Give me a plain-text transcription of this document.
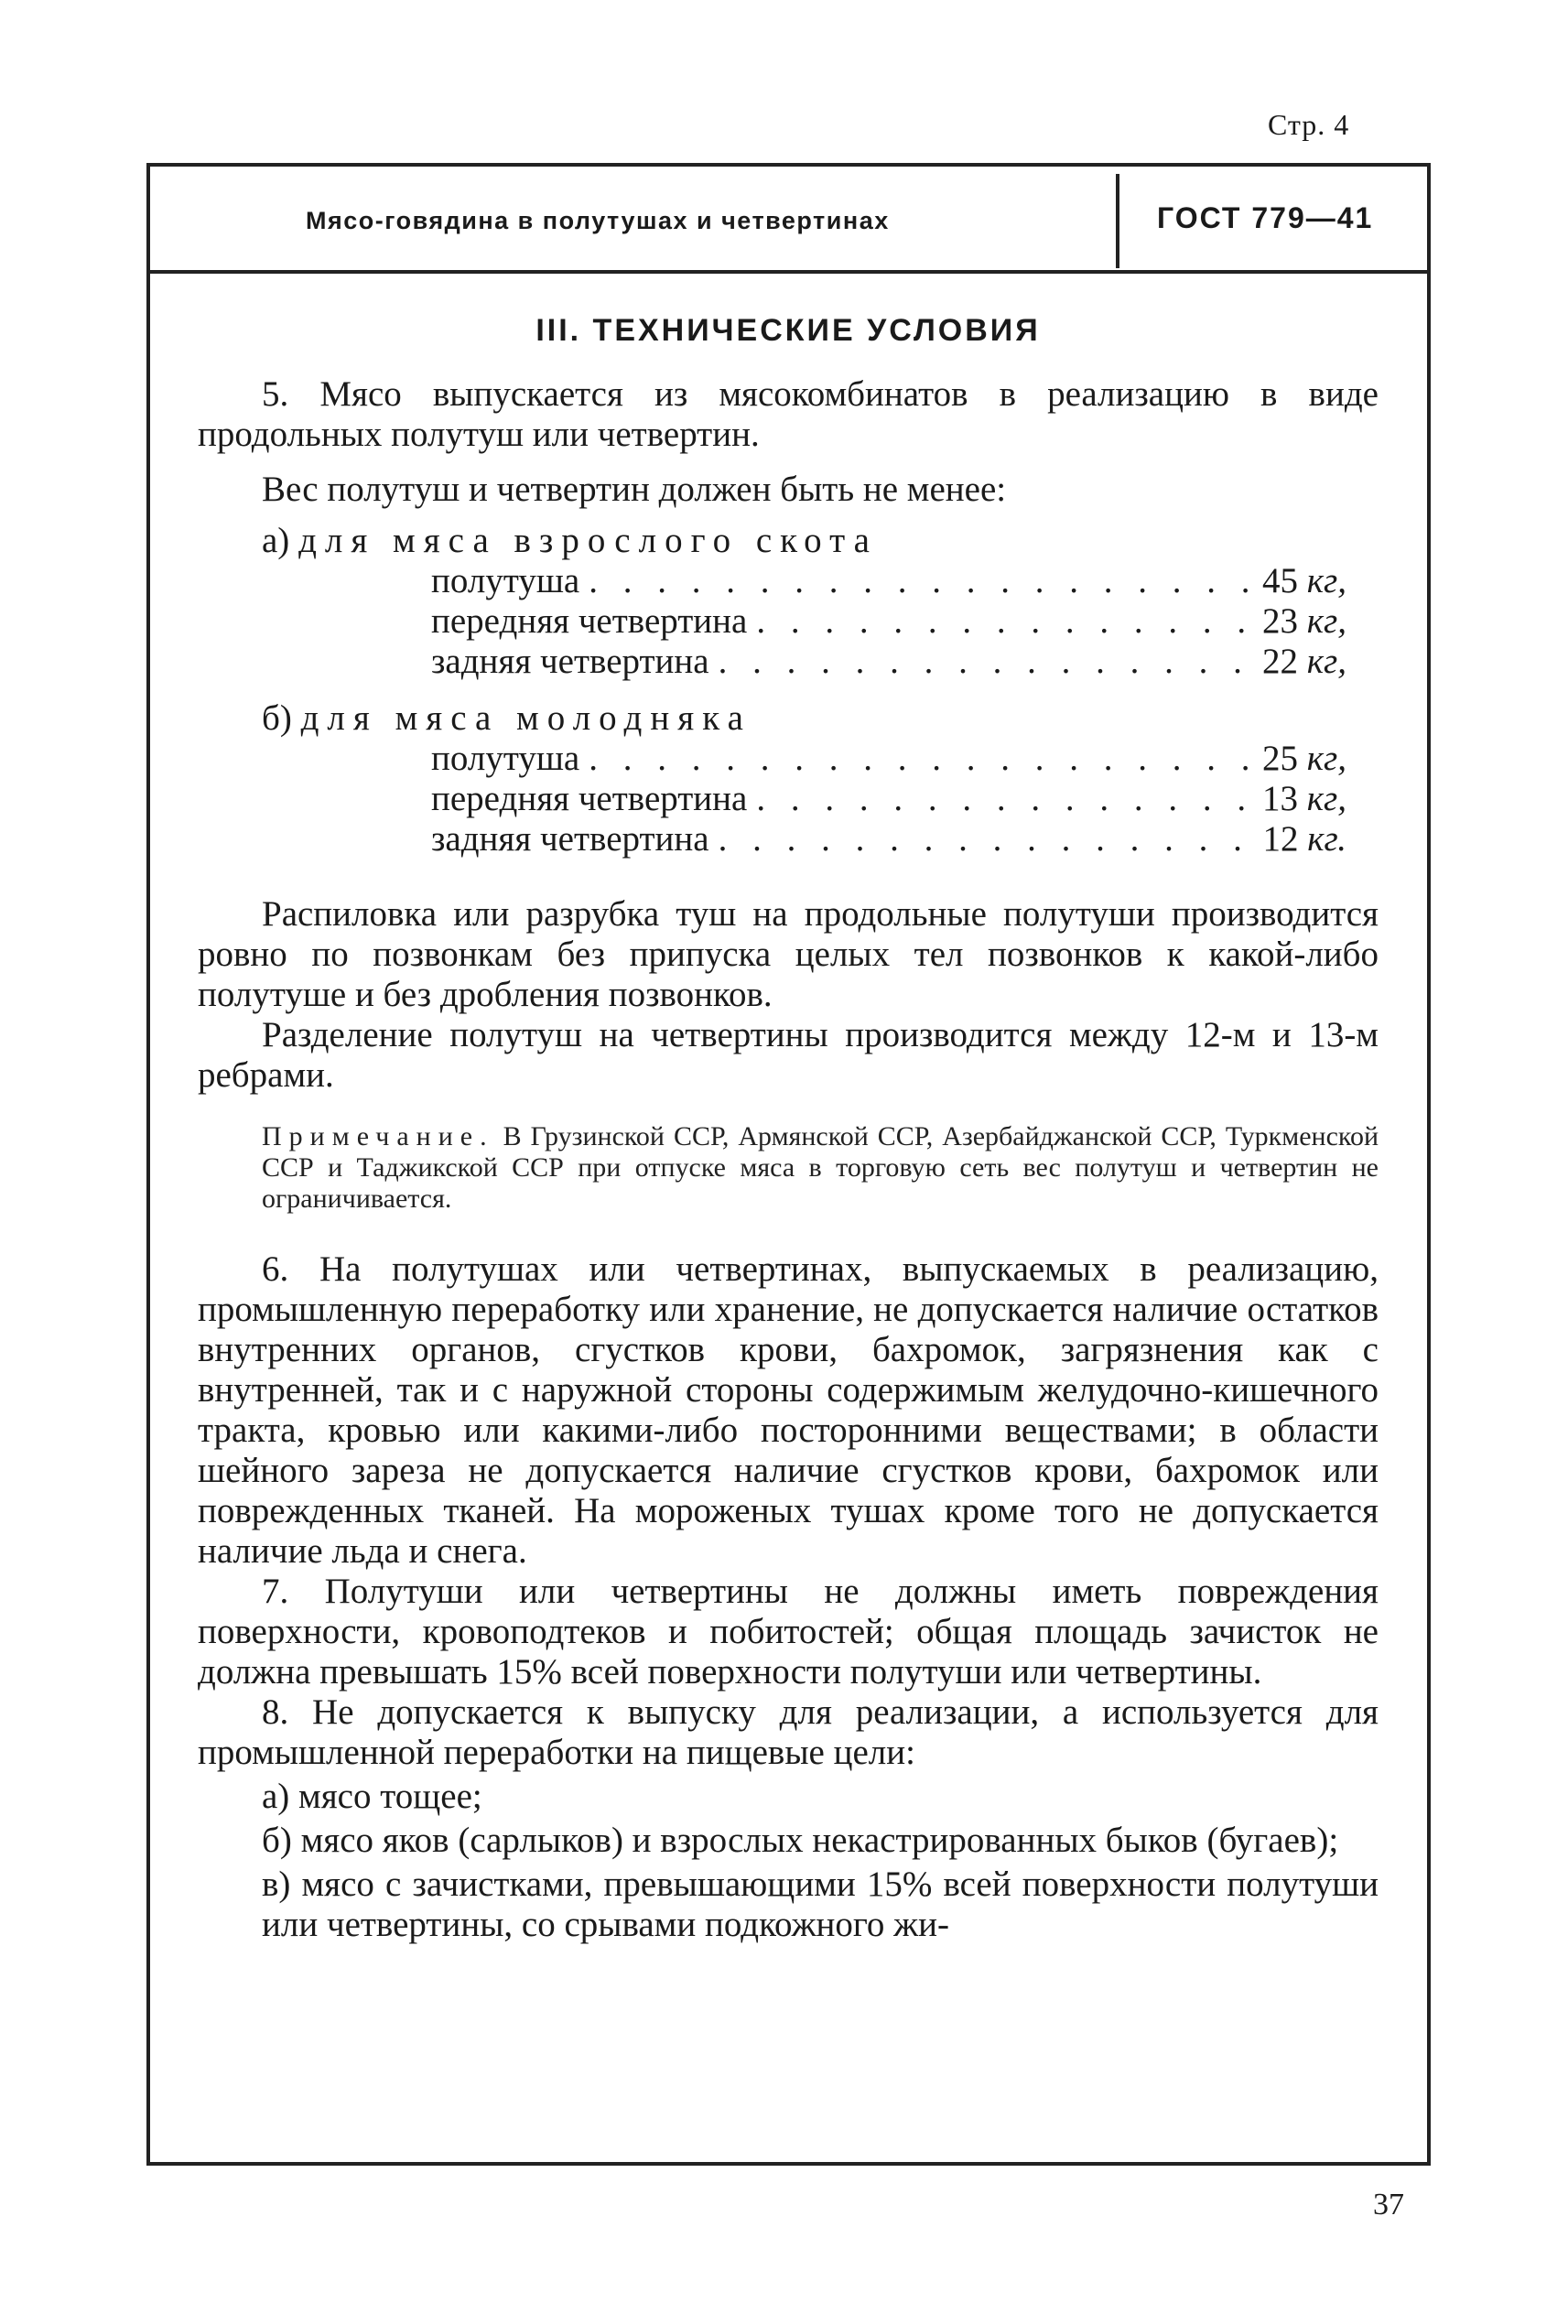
Стр. 4
Мясо-говядина в полутушах и четвертинах	ГОСТ 779—41
III. ТЕХНИЧЕСКИЕ УСЛОВИЯ

5. Мясо выпускается из мясокомбинатов в реализацию в виде продольных полутуш или четвертин.

Вес полутуш и четвертин должен быть не менее:

а) для мяса взрослого скота
полутуша . . .	45 кг,
передняя четвертина . . .	23 кг,
задняя четвертина . . .	22 кг,
б) для мяса молодняка
полутуша . . .	25 кг,
передняя четвертина . . .	13 кг,
задняя четвертина . . .	12 кг.

Распиловка или разрубка туш на продольные полутуши производится ровно по позвонкам без припуска целых тел позвонков к какой-либо полутуше и без дробления позвонков.

Разделение полутуш на четвертины производится между 12-м и 13-м ребрами.

Примечание. В Грузинской ССР, Армянской ССР, Азербайджанской ССР, Туркменской ССР и Таджикской ССР при отпуске мяса в торговую сеть вес полутуш и четвертин не ограничивается.

6. На полутушах или четвертинах, выпускаемых в реализацию, промышленную переработку или хранение, не допускается наличие остатков внутренних органов, сгустков крови, бахромок, загрязнения как с внутренней, так и с наружной стороны содержимым желудочно-кишечного тракта, кровью или какими-либо посторонними веществами; в области шейного зареза не допускается наличие сгустков крови, бахромок или поврежденных тканей. На мороженых тушах кроме того не допускается наличие льда и снега.

7. Полутуши или четвертины не должны иметь повреждения поверхности, кровоподтеков и побитостей; общая площадь зачисток не должна превышать 15% всей поверхности полутуши или четвертины.

8. Не допускается к выпуску для реализации, а используется для промышленной переработки на пищевые цели:

а) мясо тощее;

б) мясо яков (сарлыков) и взрослых некастрированных быков (бугаев);

в) мясо с зачистками, превышающими 15% всей поверхности полутуши или четвертины, со срывами подкожного жи-

37
